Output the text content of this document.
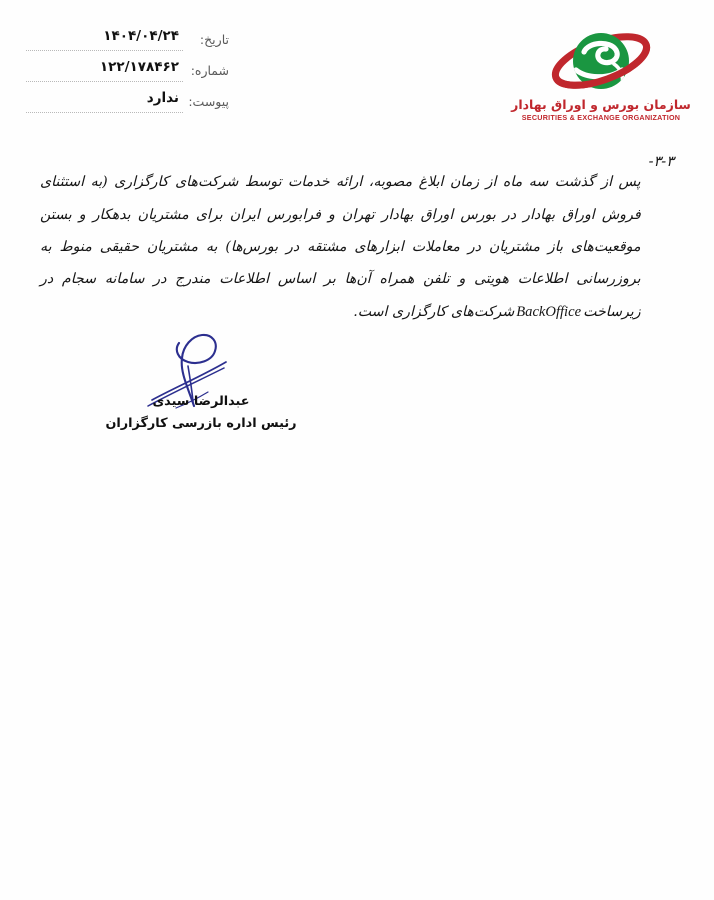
سازمان بورس و اوراق بهادار
SECURITIES & EXCHANGE ORGANIZATION
تاریخ:
۱۴۰۴/۰۴/۲۴
شماره:
۱۲۲/۱۷۸۴۶۲
پیوست:
ندارد
۳-۳-

پس از گذشت سه ماه از زمان ابلاغ مصوبه، ارائه خدمات توسط شرکت‌های کارگزاری (به استثنای فروش اوراق بهادار در بورس اوراق بهادار تهران و فرابورس ایران برای مشتریان بدهکار و بستن موقعیت‌های باز مشتریان در معاملات ابزارهای مشتقه در بورس‌ها) به مشتریان حقیقی منوط به بروزرسانی اطلاعات هویتی و تلفن همراه آن‌ها بر اساس اطلاعات مندرج در سامانه سجام در زیرساختBackOfficeشرکت‌های کارگزاری است.

عبدالرضا سیدی
رئیس اداره بازرسی کارگزاران
